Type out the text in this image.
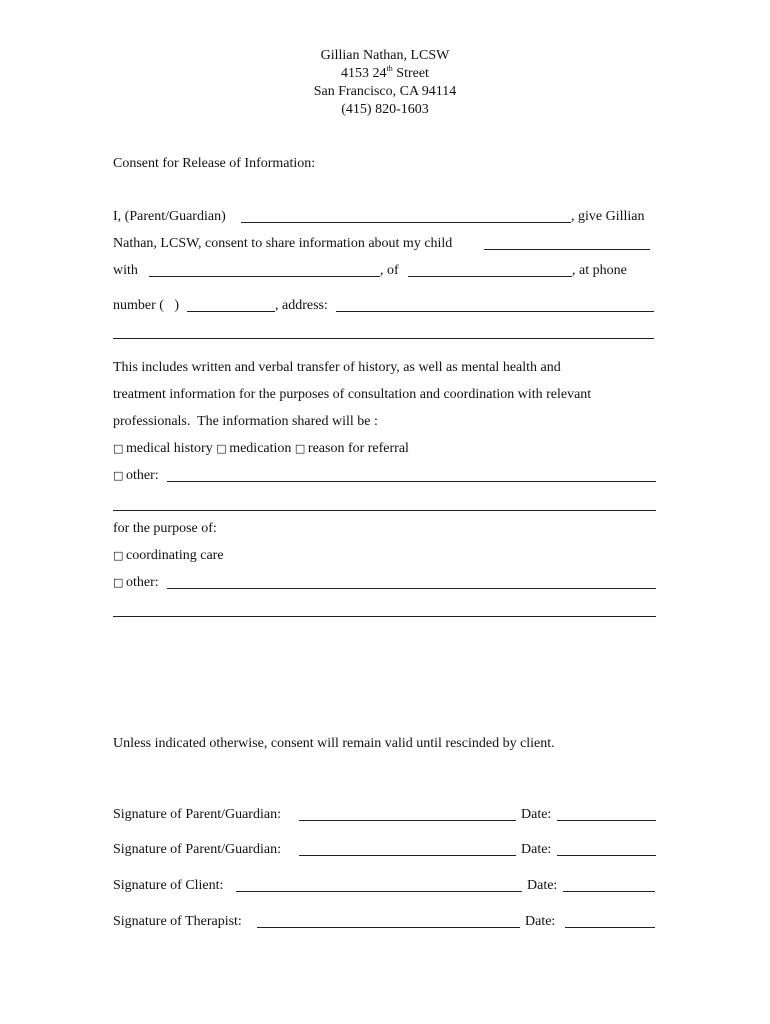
Gillian Nathan, LCSW
4153 24th Street
San Francisco, CA 94114
(415) 820-1603
Consent for Release of Information:
I, (Parent/Guardian)	, give Gillian
Nathan, LCSW, consent to share information about my child
with	, of	, at phone
number (   )	, address:
This includes written and verbal transfer of history, as well as mental health and
treatment information for the purposes of consultation and coordination with relevant
professionals.  The information shared will be :
□ medical history □ medication □ reason for referral
□ other:
for the purpose of:
□ coordinating care
□ other:
Unless indicated otherwise, consent will remain valid until rescinded by client.
Signature of Parent/Guardian:	Date:
Signature of Parent/Guardian:	Date:
Signature of Client:	Date:
Signature of Therapist:	Date:
